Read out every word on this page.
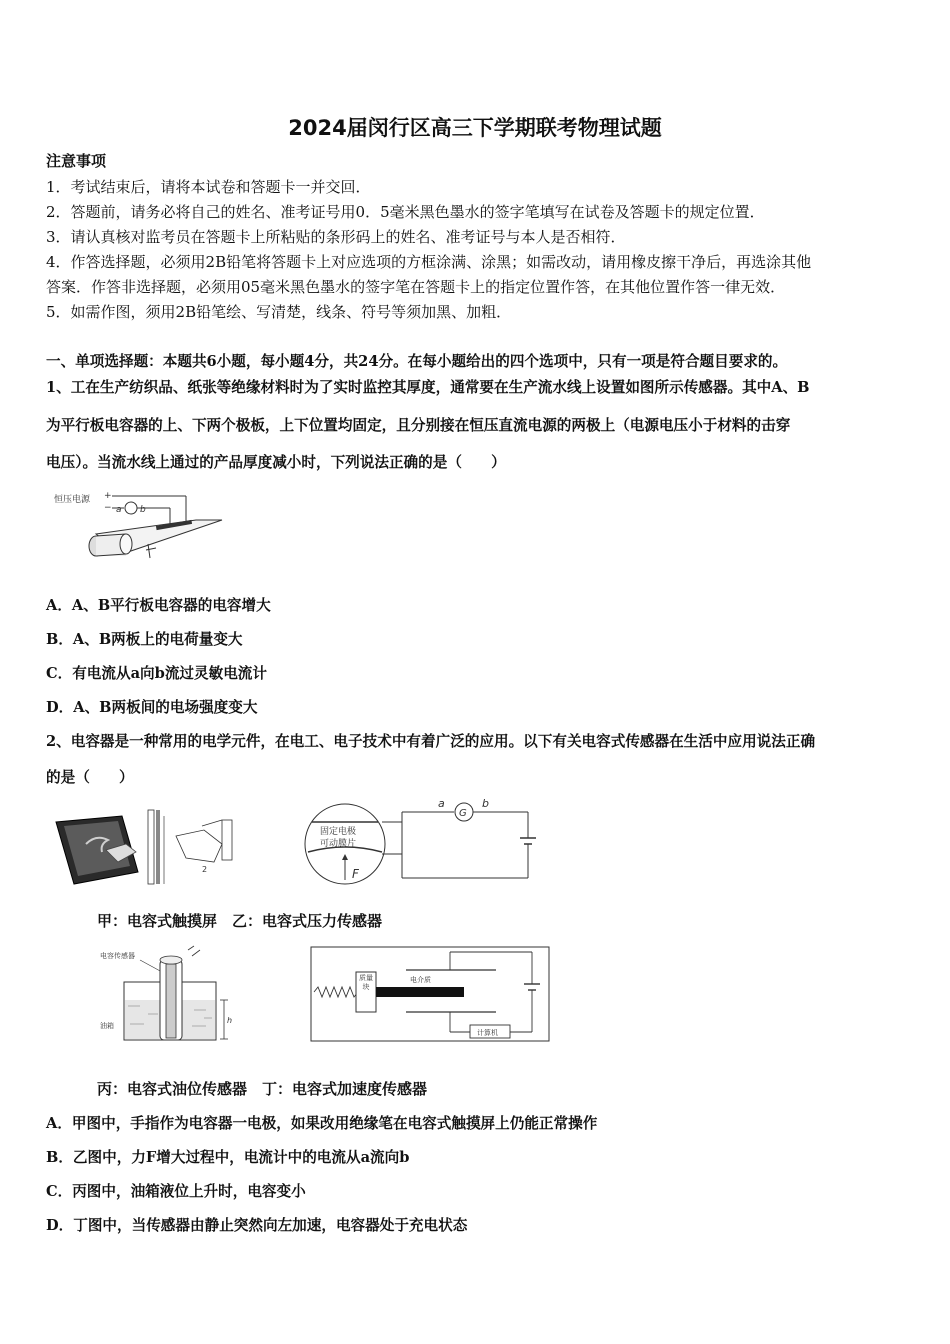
2024届闵行区高三下学期联考物理试题
注意事项
1．考试结束后，请将本试卷和答题卡一并交回．
2．答题前，请务必将自己的姓名、准考证号用0．5毫米黑色墨水的签字笔填写在试卷及答题卡的规定位置．
3．请认真核对监考员在答题卡上所粘贴的条形码上的姓名、准考证号与本人是否相符．
4．作答选择题，必须用2B铅笔将答题卡上对应选项的方框涂满、涂黑；如需改动，请用橡皮擦干净后，再选涂其他
答案．作答非选择题，必须用05毫米黑色墨水的签字笔在答题卡上的指定位置作答，在其他位置作答一律无效．
5．如需作图，须用2B铅笔绘、写清楚，线条、符号等须加黑、加粗．
一、单项选择题：本题共6小题，每小题4分，共24分。在每小题给出的四个选项中，只有一项是符合题目要求的。
1、工在生产纺织品、纸张等绝缘材料时为了实时监控其厚度，通常要在生产流水线上设置如图所示传感器。其中A、B
为平行板电容器的上、下两个极板，上下位置均固定，且分别接在恒压直流电源的两极上（电源电压小于材料的击穿
电压）。当流水线上通过的产品厚度减小时，下列说法正确的是（　　）
恒压电源 +
− a b
A．A、B平行板电容器的电容增大
B．A、B两板上的电荷量变大
C．有电流从a向b流过灵敏电流计
D．A、B两板间的电场强度变大
2、电容器是一种常用的电学元件，在电工、电子技术中有着广泛的应用。以下有关电容式传感器在生活中应用说法正确
的是（　　）
2
固定电极
可动膜片
F
G
a	b
甲：电容式触摸屏　乙：电容式压力传感器
电容传感器
油箱
h
质量块
电介质
计算机
丙：电容式油位传感器　丁：电容式加速度传感器
A．甲图中，手指作为电容器一电极，如果改用绝缘笔在电容式触摸屏上仍能正常操作
B．乙图中，力F增大过程中，电流计中的电流从a流向b
C．丙图中，油箱液位上升时，电容变小
D．丁图中，当传感器由静止突然向左加速，电容器处于充电状态
